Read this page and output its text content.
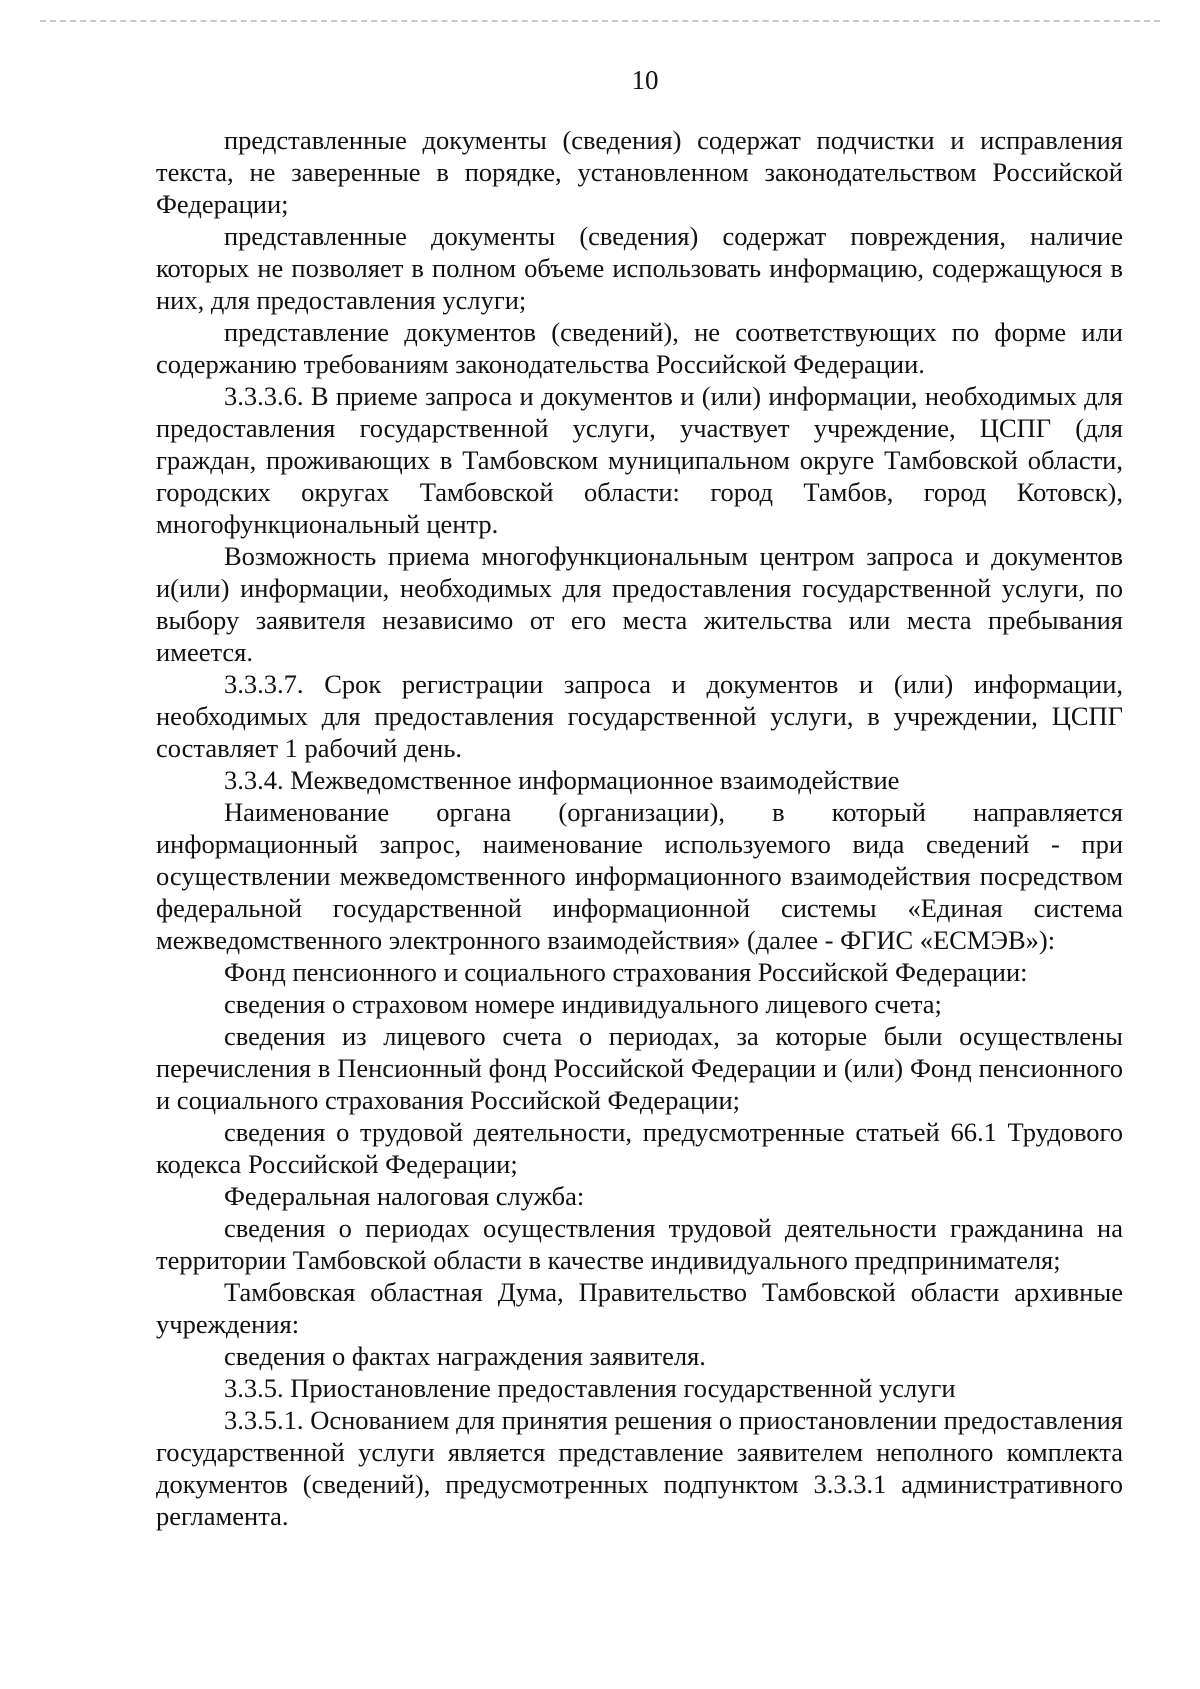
10

представленные документы (сведения) содержат подчистки и исправления текста, не заверенные в порядке, установленном законодательством Российской Федерации;

представленные документы (сведения) содержат повреждения, наличие которых не позволяет в полном объеме использовать информацию, содержащуюся в них, для предоставления услуги;

представление документов (сведений), не соответствующих по форме или содержанию требованиям законодательства Российской Федерации.

3.3.3.6. В приеме запроса и документов и (или) информации, необходимых для предоставления государственной услуги, участвует учреждение, ЦСПГ (для граждан, проживающих в Тамбовском муниципальном округе Тамбовской области, городских округах Тамбовской области: город Тамбов, город Котовск), многофункциональный центр.

Возможность приема многофункциональным центром запроса и документов и(или) информации, необходимых для предоставления государственной услуги, по выбору заявителя независимо от его места жительства или места пребывания имеется.

3.3.3.7. Срок регистрации запроса и документов и (или) информации, необходимых для предоставления государственной услуги, в учреждении, ЦСПГ составляет 1 рабочий день.

3.3.4. Межведомственное информационное взаимодействие

Наименование органа (организации), в который направляется информационный запрос, наименование используемого вида сведений - при осуществлении межведомственного информационного взаимодействия посредством федеральной государственной информационной системы «Единая система межведомственного электронного взаимодействия» (далее - ФГИС «ЕСМЭВ»):

Фонд пенсионного и социального страхования Российской Федерации:

сведения о страховом номере индивидуального лицевого счета;

сведения из лицевого счета о периодах, за которые были осуществлены перечисления в Пенсионный фонд Российской Федерации и (или) Фонд пенсионного и социального страхования Российской Федерации;

сведения о трудовой деятельности, предусмотренные статьей 66.1 Трудового кодекса Российской Федерации;

Федеральная налоговая служба:

сведения о периодах осуществления трудовой деятельности гражданина на территории Тамбовской области в качестве индивидуального предпринимателя;

Тамбовская областная Дума, Правительство Тамбовской области архивные учреждения:

сведения о фактах награждения заявителя.

3.3.5. Приостановление предоставления государственной услуги

3.3.5.1. Основанием для принятия решения о приостановлении предоставления государственной услуги является представление заявителем неполного комплекта документов (сведений), предусмотренных подпунктом 3.3.3.1 административного регламента.
